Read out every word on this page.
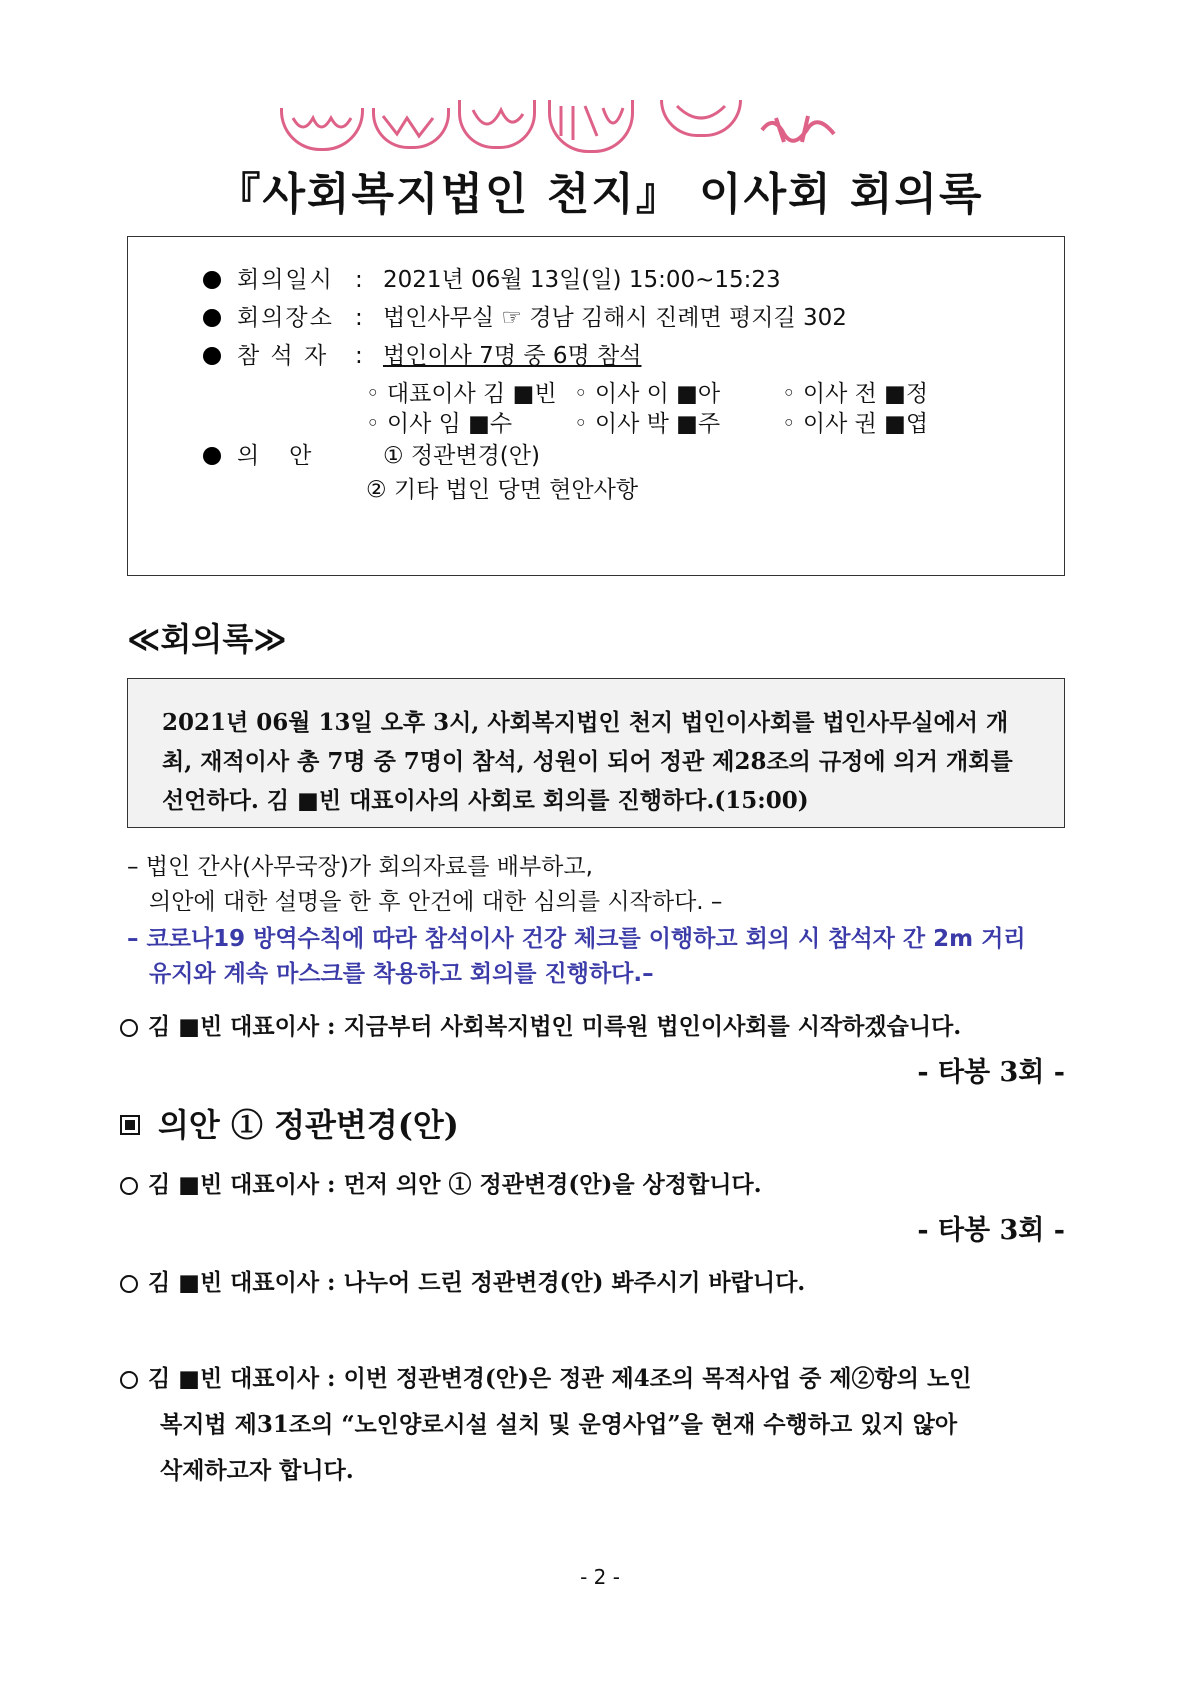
『사회복지법인 천지』 이사회 회의록
회의일시 : 2021년 06월 13일(일) 15:00~15:23
회의장소 : 법인사무실 ☞ 경남 김해시 진례면 평지길 302
참 석 자 : 법인이사 7명 중 6명 참석
◦ 대표이사 김 ■빈 ◦ 이사 이 ■아	◦ 이사 전 ■정
◦ 이사 임 ■수	◦ 이사 박 ■주	◦ 이사 권 ■엽
의   안	① 정관변경(안)
② 기타 법인 당면 현안사항
≪회의록≫
2021년 06월 13일 오후 3시, 사회복지법인 천지 법인이사회를 법인사무실에서 개최, 재적이사 총 7명 중 7명이 참석, 성원이 되어 정관 제28조의 규정에 의거 개회를 선언하다. 김 ■빈 대표이사의 사회로 회의를 진행하다.(15:00)
– 법인 간사(사무국장)가 회의자료를 배부하고,
의안에 대한 설명을 한 후 안건에 대한 심의를 시작하다. –
– 코로나19 방역수칙에 따라 참석이사 건강 체크를 이행하고 회의 시 참석자 간 2m 거리
유지와 계속 마스크를 착용하고 회의를 진행하다.–
김 ■빈 대표이사 : 지금부터 사회복지법인 미륵원 법인이사회를 시작하겠습니다.
- 타봉 3회 -
의안 ① 정관변경(안)
김 ■빈 대표이사 : 먼저 의안 ① 정관변경(안)을 상정합니다.
- 타봉 3회 -
김 ■빈 대표이사 : 나누어 드린 정관변경(안) 봐주시기 바랍니다.
김 ■빈 대표이사 : 이번 정관변경(안)은 정관 제4조의 목적사업 중 제②항의 노인
복지법 제31조의 “노인양로시설 설치 및 운영사업”을 현재 수행하고 있지 않아
삭제하고자 합니다.
- 2 -
